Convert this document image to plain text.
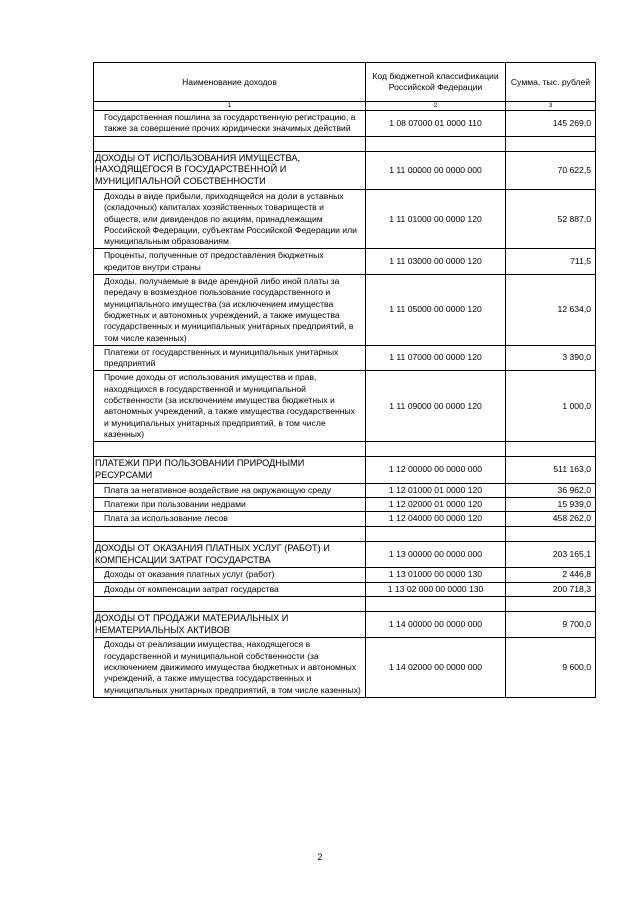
Наименование доходов	Код бюджетной классификации Российской Федерации	Сумма, тыс. рублей
1	2	3
Государственная пошлина за государственную регистрацию, а также за совершение прочих юридически значимых действий	1 08 07000 01 0000 110	145 269,0

ДОХОДЫ ОТ ИСПОЛЬЗОВАНИЯ ИМУЩЕСТВА, НАХОДЯЩЕГОСЯ В ГОСУДАРСТВЕННОЙ И МУНИЦИПАЛЬНОЙ СОБСТВЕННОСТИ	1 11 00000 00 0000 000	70 622,5
Доходы в виде прибыли, приходящейся на доли в уставных (складочных) капиталах хозяйственных товариществ и обществ, или дивидендов по акциям, принадлежащим Российской Федерации, субъектам Российской Федерации или муниципальным образованиям	1 11 01000 00 0000 120	52 887,0
Проценты, полученные от предоставления бюджетных кредитов внутри страны	1 11 03000 00 0000 120	711,5
Доходы, получаемые в виде арендной либо иной платы за передачу в возмездное пользование государственного и муниципального имущества (за исключением имущества бюджетных и автономных учреждений, а также имущества государственных и муниципальных унитарных предприятий, в том числе казенных)	1 11 05000 00 0000 120	12 634,0
Платежи от государственных и муниципальных унитарных предприятий	1 11 07000 00 0000 120	3 390,0
Прочие доходы от использования имущества и прав, находящихся в государственной и муниципальной собственности (за исключением имущества бюджетных и автономных учреждений, а также имущества государственных и муниципальных унитарных предприятий, в том числе казенных)	1 11 09000 00 0000 120	1 000,0

ПЛАТЕЖИ ПРИ ПОЛЬЗОВАНИИ ПРИРОДНЫМИ РЕСУРСАМИ	1 12 00000 00 0000 000	511 163,0
Плата за негативное воздействие на окружающую среду	1 12 01000 01 0000 120	36 962,0
Платежи при пользовании недрами	1 12 02000 01 0000 120	15 939,0
Плата за использование лесов	1 12 04000 00 0000 120	458 262,0

ДОХОДЫ ОТ ОКАЗАНИЯ ПЛАТНЫХ УСЛУГ (РАБОТ) И КОМПЕНСАЦИИ ЗАТРАТ ГОСУДАРСТВА	1 13 00000 00 0000 000	203 165,1
Доходы от оказания платных услуг (работ)	1 13 01000 00 0000 130	2 446,8
Доходы от компенсации затрат государства	1 13 02 000 00 0000 130	200 718,3

ДОХОДЫ ОТ ПРОДАЖИ МАТЕРИАЛЬНЫХ И НЕМАТЕРИАЛЬНЫХ АКТИВОВ	1 14 00000 00 0000 000	9 700,0
Доходы от реализации имущества, находящегося в государственной и муниципальной собственности (за исключением движимого имущества бюджетных и автономных учреждений, а также имущества государственных и муниципальных унитарных предприятий, в том числе казенных)	1 14 02000 00 0000 000	9 600,0
2
